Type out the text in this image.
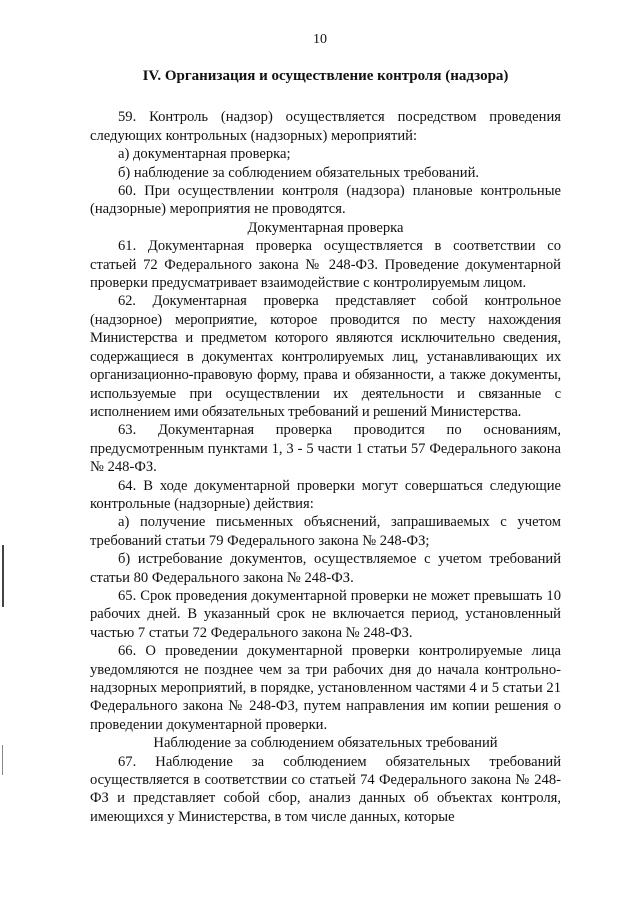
10

IV. Организация и осуществление контроля (надзора)

59. Контроль (надзор) осуществляется посредством проведения следующих контрольных (надзорных) мероприятий:

а) документарная проверка;

б) наблюдение за соблюдением обязательных требований.

60. При осуществлении контроля (надзора) плановые контрольные (надзорные) мероприятия не проводятся.

Документарная проверка

61. Документарная проверка осуществляется в соответствии со статьей 72 Федерального закона № 248-ФЗ. Проведение документарной проверки предусматривает взаимодействие с контролируемым лицом.

62. Документарная проверка представляет собой контрольное (надзорное) мероприятие, которое проводится по месту нахождения Министерства и предметом которого являются исключительно сведения, содержащиеся в документах контролируемых лиц, устанавливающих их организационно-правовую форму, права и обязанности, а также документы, используемые при осуществлении их деятельности и связанные с исполнением ими обязательных требований и решений Министерства.

63. Документарная проверка проводится по основаниям, предусмотренным пунктами 1, 3 - 5 части 1 статьи 57 Федерального закона № 248-ФЗ.

64. В ходе документарной проверки могут совершаться следующие контрольные (надзорные) действия:

а) получение письменных объяснений, запрашиваемых с учетом требований статьи 79 Федерального закона № 248-ФЗ;

б) истребование документов, осуществляемое с учетом требований статьи 80 Федерального закона № 248-ФЗ.

65. Срок проведения документарной проверки не может превышать 10 рабочих дней. В указанный срок не включается период, установленный частью 7 статьи 72 Федерального закона № 248-ФЗ.

66. О проведении документарной проверки контролируемые лица уведомляются не позднее чем за три рабочих дня до начала контрольно-надзорных мероприятий, в порядке, установленном частями 4 и 5 статьи 21 Федерального закона № 248-ФЗ, путем направления им копии решения о проведении документарной проверки.

Наблюдение за соблюдением обязательных требований

67. Наблюдение за соблюдением обязательных требований осуществляется в соответствии со статьей 74 Федерального закона № 248-ФЗ и представляет собой сбор, анализ данных об объектах контроля, имеющихся у Министерства, в том числе данных, которые
